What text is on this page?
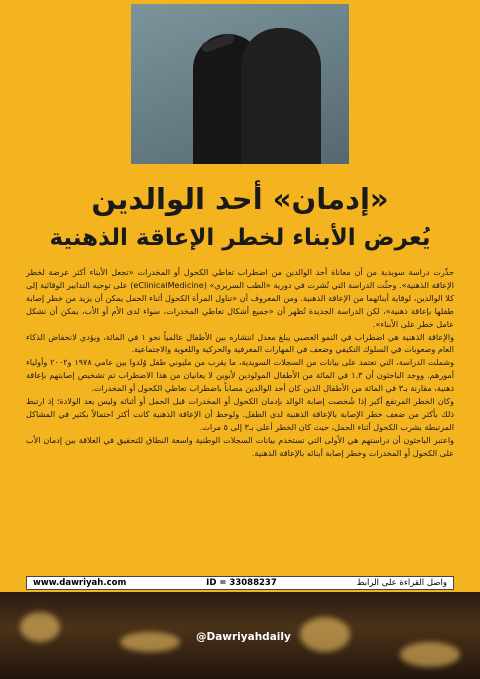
«إدمان» أحد الوالدين
يُعرض الأبناء لخطر الإعاقة الذهنية

حذّرت دراسة سويدية من أن معاناة أحد الوالدين من اضطراب تعاطي الكحول أو المخدرات «تجعل الأبناء أكثر عرضة لخطر الإعاقة الذهنية». وحثّت الدراسة التي نُشرت في دورية «الطب السريري» (eClinicalMedicine) على توجيه التدابير الوقائية إلى كلا الوالدين، لوقاية أبنائهما من الإعاقة الذهنية. ومن المعروف أن «تناول المرأة الكحول أثناء الحمل يمكن أن يزيد من خطر إصابة طفلها بإعاقة ذهنية»، لكن الدراسة الجديدة تُظهر أن «جميع أشكال تعاطي المخدرات، سواء لدى الأم أو الأب، يمكن أن تشكل عامل خطر على الأبناء».

والإعاقة الذهنية هي اضطراب في النمو العصبي يبلغ معدل انتشاره بين الأطفال عالمياً نحو ١ في المائة، ويؤدي لانخفاض الذكاء العام وصعوبات في السلوك التكيفي وضعف في المهارات المعرفية والحركية واللغوية والاجتماعية.

وشملت الدراسة، التي تعتمد على بيانات من السجلات السويدية، ما يقرب من مليوني طفل وُلدوا بين عامي ١٩٧٨ و٢٠٠٢ وأولياء أمورهم. ووجد الباحثون أن ١.٣ في المائة من الأطفال المولودين لأبوين لا يعانيان من هذا الاضطراب تم تشخيص إصابتهم بإعاقة ذهنية، مقارنة بـ٣ في المائة من الأطفال الذين كان أحد الوالدين مصاباً باضطراب تعاطي الكحول أو المخدرات.

وكان الخطر المرتفع أكبر إذا شُخصت إصابة الوالد بإدمان الكحول أو المخدرات قبل الحمل أو أثنائه وليس بعد الولادة؛ إذ ارتبط ذلك بأكثر من ضعف خطر الإصابة بالإعاقة الذهنية لدى الطفل. ولوحظ أن الإعاقة الذهنية كانت أكثر احتمالاً بكثير في المشاكل المرتبطة بشرب الكحول أثناء الحمل، حيث كان الخطر أعلى بـ٣ إلى ٥ مرات.

واعتبر الباحثون أن دراستهم هي الأولى التي تستخدم بيانات السجلات الوطنية واسعة النطاق للتحقيق في العلاقة بين إدمان الأب على الكحول أو المخدرات وخطر إصابة أبنائه بالإعاقة الذهنية.

www.dawriyah.com	ID = 33088237	واصل القراءة على الرابط
@Dawriyahdaily
